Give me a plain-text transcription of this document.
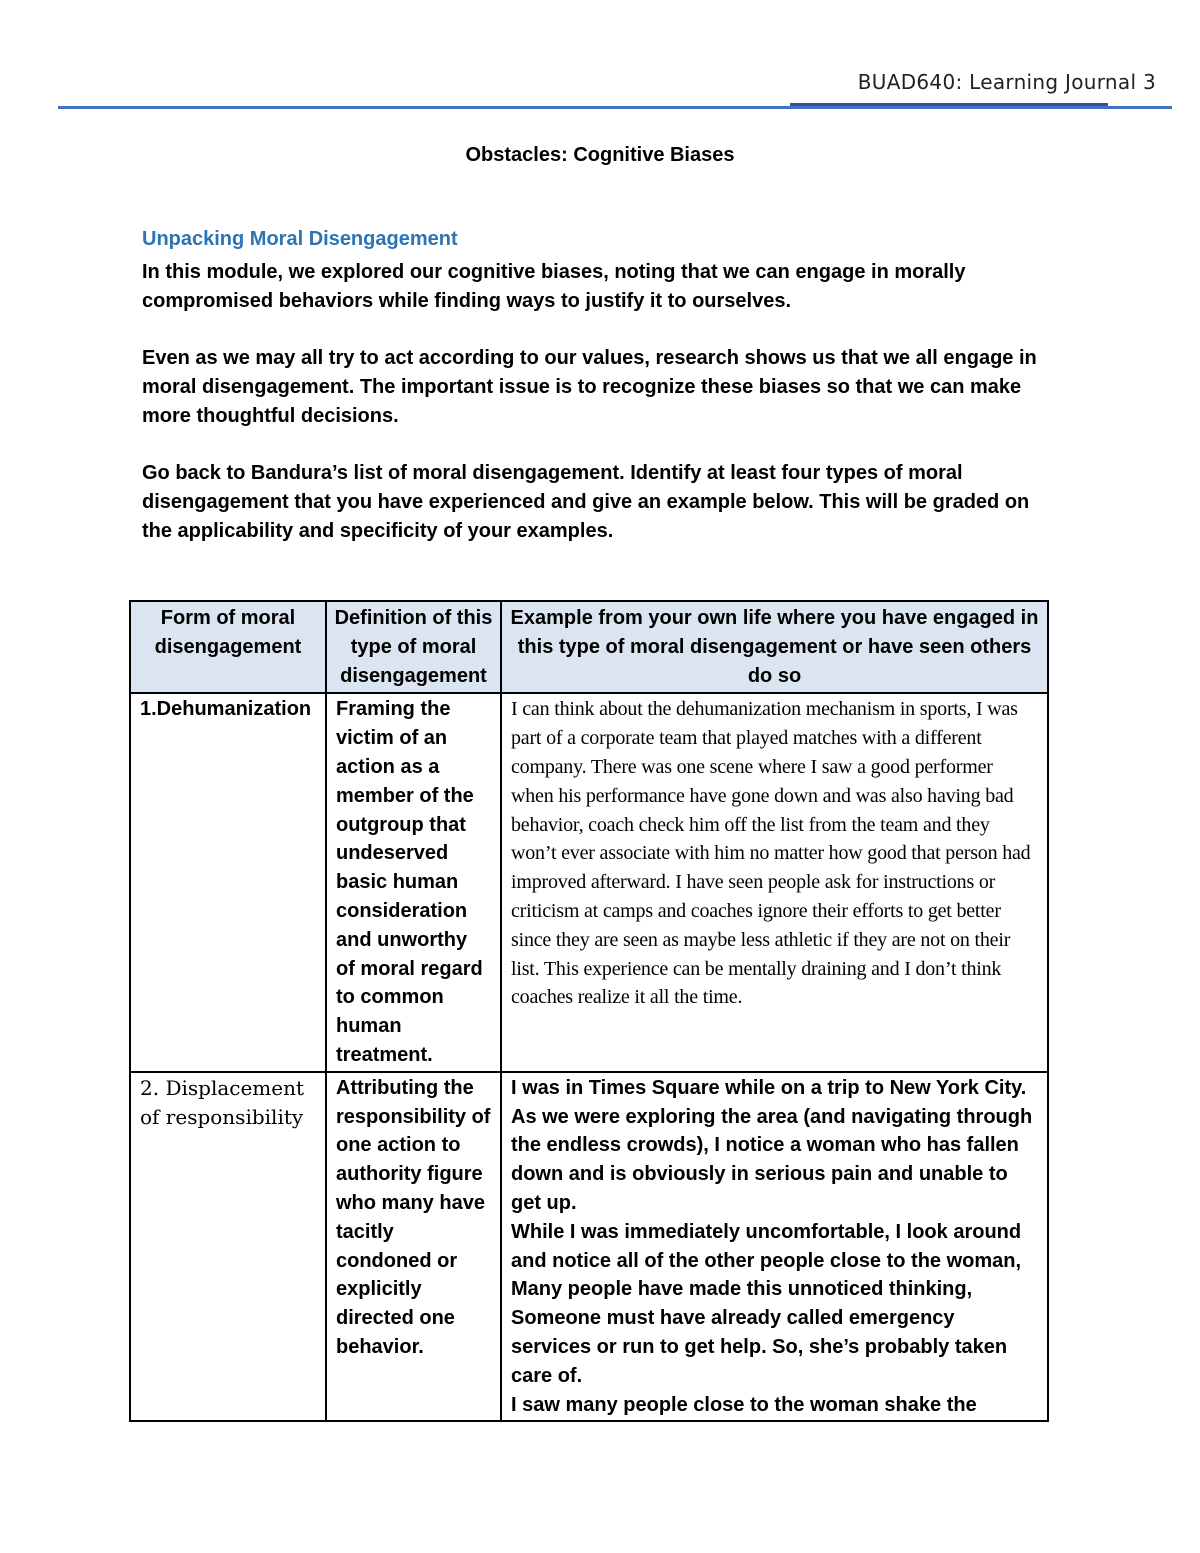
BUAD640: Learning Journal 3
Obstacles: Cognitive Biases
Unpacking Moral Disengagement
In this module, we explored our cognitive biases, noting that we can engage in morally compromised behaviors while finding ways to justify it to ourselves.
Even as we may all try to act according to our values, research shows us that we all engage in moral disengagement. The important issue is to recognize these biases so that we can make more thoughtful decisions.
Go back to Bandura’s list of moral disengagement. Identify at least four types of moral disengagement that you have experienced and give an example below. This will be graded on the applicability and specificity of your examples.
Form of moral disengagement	Definition of this type of moral disengagement	Example from your own life where you have engaged in this type of moral disengagement or have seen others do so
1.Dehumanization	Framing the victim of an action as a member of the outgroup that undeserved basic human consideration and unworthy of moral regard to common human treatment.	I can think about the dehumanization mechanism in sports, I was part of a corporate team that played matches with a different company. There was one scene where I saw a good performer when his performance have gone down and was also having bad behavior, coach check him off the list from the team and they won’t ever associate with him no matter how good that person had improved afterward. I have seen people ask for instructions or criticism at camps and coaches ignore their efforts to get better since they are seen as maybe less athletic if they are not on their list. This experience can be mentally draining and I don’t think coaches realize it all the time.
2. Displacement of responsibility	Attributing the responsibility of one action to authority figure who many have tacitly condoned or explicitly directed one behavior.	I was in Times Square while on a trip to New York City. As we were exploring the area (and navigating through the endless crowds), I notice a woman who has fallen down and is obviously in serious pain and unable to get up.
While I was immediately uncomfortable, I look around and notice all of the other people close to the woman, Many people have made this unnoticed thinking, Someone must have already called emergency services or run to get help. So, she’s probably taken care of.
I saw many people close to the woman shake the
